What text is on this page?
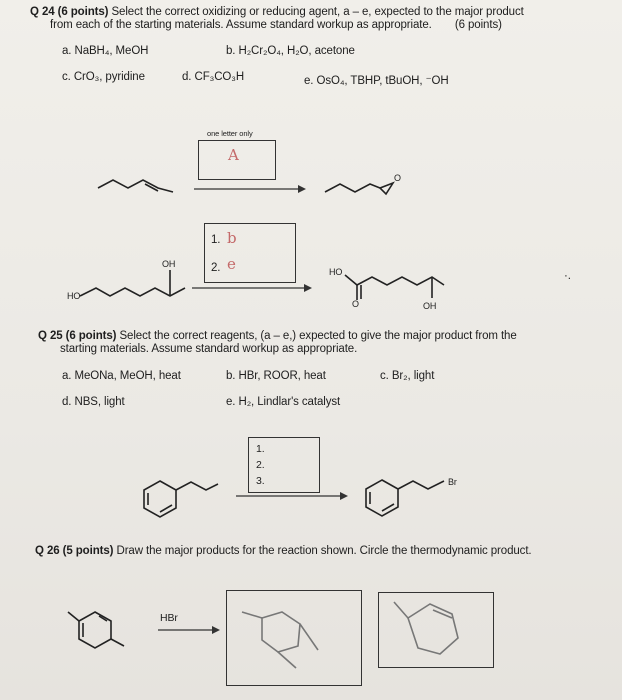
Q 24 (6 points) Select the correct oxidizing or reducing agent, a – e, expected to the major product
from each of the starting materials. Assume standard workup as appropriate. (6 points)
a. NaBH₄, MeOH	b. H₂Cr₂O₄, H₂O, acetone
c. CrO₃, pyridine	d. CF₃CO₃H	e. OsO₄, TBHP, tBuOH, ⁻OH
one letter only
A
1. b
2. e
OH
HO
HO
O	OH
·.
Q 25 (6 points) Select the correct reagents, (a – e,) expected to give the major product from the
starting materials. Assume standard workup as appropriate.
a. MeONa, MeOH, heat	b. HBr, ROOR, heat	c. Br₂, light
d. NBS, light	e. H₂, Lindlar's catalyst
1.
2.
3.	Br
Q 26 (5 points) Draw the major products for the reaction shown. Circle the thermodynamic product.
HBr
O
